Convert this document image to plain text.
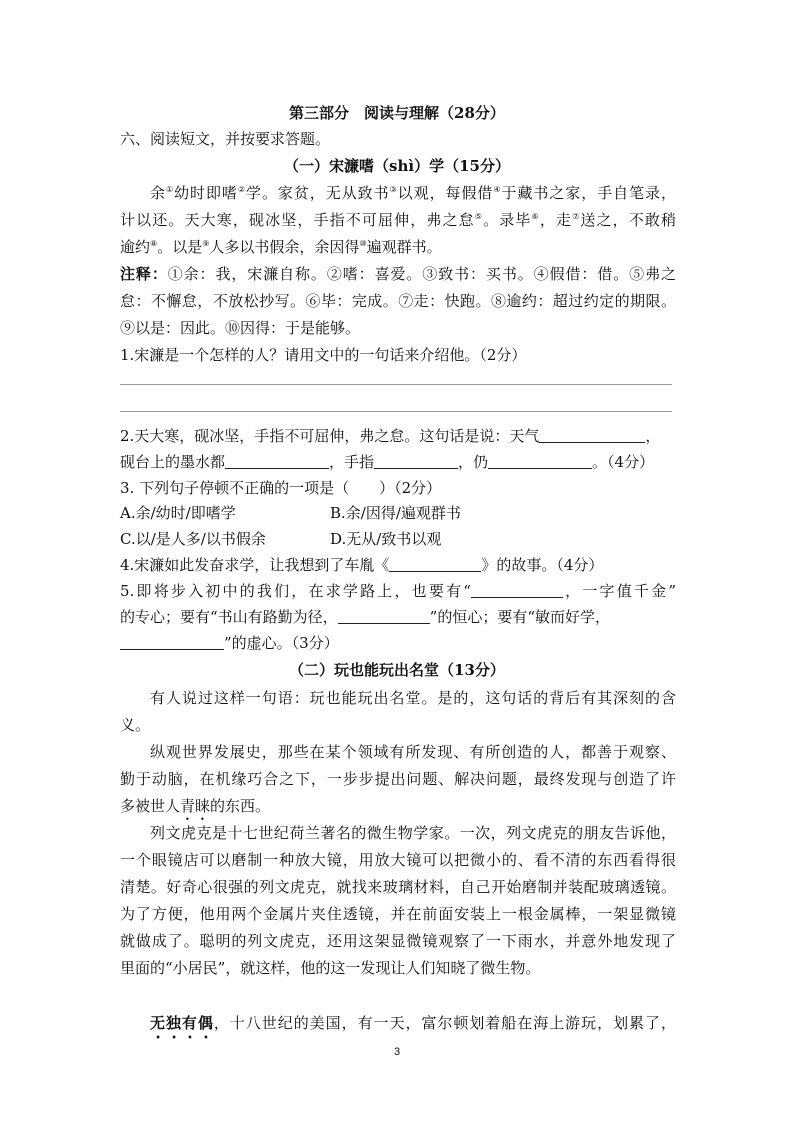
第三部分　阅读与理解（28分）
六、阅读短文，并按要求答题。
（一）宋濂嗜（shì）学（15分）
余①幼时即嗜②学。家贫，无从致书③以观，每假借④于藏书之家，手自笔录，
计以还。天大寒，砚冰坚，手指不可屈伸，弗之怠⑤。录毕⑥，走⑦送之，不敢稍
逾约⑧。以是⑨人多以书假余，余因得⑩遍观群书。
注释：①余：我，宋濂自称。②嗜：喜爱。③致书：买书。④假借：借。⑤弗之
怠：不懈怠，不放松抄写。⑥毕：完成。⑦走：快跑。⑧逾约：超过约定的期限。
⑨以是：因此。⑩因得：于是能够。
1.宋濂是一个怎样的人？请用文中的一句话来介绍他。（2分）
2.天大寒，砚冰坚，手指不可屈伸，弗之怠。这句话是说：天气	，
砚台上的墨水都	，手指	，仍	。（4分）
3. 下列句子停顿不正确的一项是（　　）（2分）
A.余/幼时/即嗜学	B.余/因得/遍观群书
C.以/是人多/以书假余	D.无从/致书以观
4.宋濂如此发奋求学，让我想到了车胤《	》的故事。（4分）
5.即将步入初中的我们，在求学路上，也要有“	，一字值千金”
的专心；要有“书山有路勤为径，	”的恒心；要有“敏而好学，
”的虚心。（3分）
（二）玩也能玩出名堂（13分）
有人说过这样一句语：玩也能玩出名堂。是的，这句话的背后有其深刻的含
义。
纵观世界发展史，那些在某个领域有所发现、有所创造的人，都善于观察、
勤于动脑，在机缘巧合之下，一步步提出问题、解决问题，最终发现与创造了许
多被世人青睐的东西。
列文虎克是十七世纪荷兰著名的微生物学家。一次，列文虎克的朋友告诉他，
一个眼镜店可以磨制一种放大镜，用放大镜可以把微小的、看不清的东西看得很
清楚。好奇心很强的列文虎克，就找来玻璃材料，自己开始磨制并装配玻璃透镜。
为了方便，他用两个金属片夹住透镜，并在前面安装上一根金属棒，一架显微镜
就做成了。聪明的列文虎克，还用这架显微镜观察了一下雨水，并意外地发现了
里面的“小居民”，就这样，他的这一发现让人们知晓了微生物。
无独有偶，十八世纪的美国，有一天，富尔顿划着船在海上游玩，划累了，
3
